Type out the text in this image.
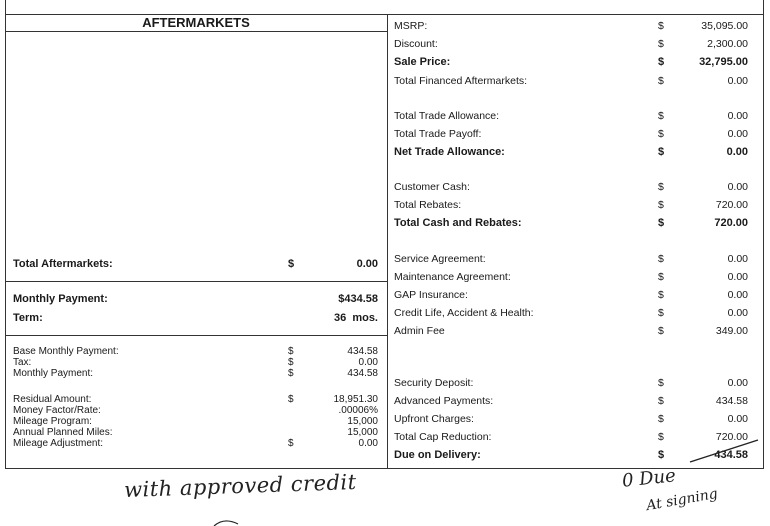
AFTERMARKETS
Total Aftermarkets:	$	0.00
Monthly Payment:	$434.58
Term:	36  mos.
Base Monthly Payment:	$	434.58
Tax:	$	0.00
Monthly Payment:	$	434.58
Residual Amount:	$	18,951.30
Money Factor/Rate:	.00006%
Mileage Program:	15,000
Annual Planned Miles:	15,000
Mileage Adjustment:	$	0.00
MSRP:	$	35,095.00
Discount:	$	2,300.00
Sale Price:	$	32,795.00
Total Financed Aftermarkets:	$	0.00
Total Trade Allowance:	$	0.00
Total Trade Payoff:	$	0.00
Net Trade Allowance:	$	0.00
Customer Cash:	$	0.00
Total Rebates:	$	720.00
Total Cash and Rebates:	$	720.00
Service Agreement:	$	0.00
Maintenance Agreement:	$	0.00
GAP Insurance:	$	0.00
Credit Life, Accident & Health:	$	0.00
Admin Fee	$	349.00
Security Deposit:	$	0.00
Advanced Payments:	$	434.58
Upfront Charges:	$	0.00
Total Cap Reduction:	$	720.00
Due on Delivery:	$	434.58
with approved credit	0 Due
At signing
